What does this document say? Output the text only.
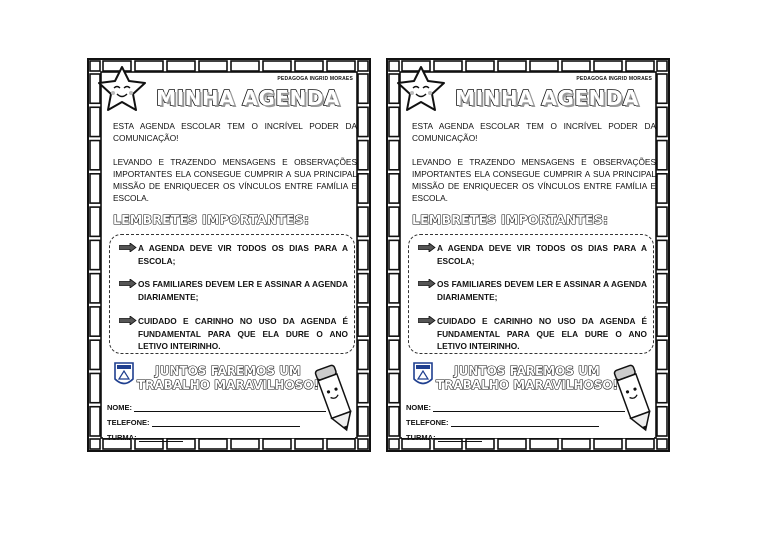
PEDAGOGA INGRID MORAES
MINHA AGENDA
ESTA AGENDA ESCOLAR TEM O INCRÍVEL PODER DA COMUNICAÇÃO!
LEVANDO E TRAZENDO MENSAGENS E OBSERVAÇÕES IMPORTANTES ELA CONSEGUE CUMPRIR A SUA PRINCIPAL MISSÃO DE ENRIQUECER OS VÍNCULOS ENTRE FAMÍLIA E ESCOLA.
LEMBRETES IMPORTANTES:
A AGENDA DEVE VIR TODOS OS DIAS PARA A ESCOLA;
OS FAMILIARES DEVEM LER E ASSINAR A AGENDA DIARIAMENTE;
CUIDADO E CARINHO NO USO DA AGENDA É FUNDAMENTAL PARA QUE ELA DURE O ANO LETIVO INTEIRINHO.
JUNTOS FAREMOS UM
TRABALHO MARAVILHOSO!
NOME:
TELEFONE:
TURMA:
PEDAGOGA INGRID MORAES
MINHA AGENDA
ESTA AGENDA ESCOLAR TEM O INCRÍVEL PODER DA COMUNICAÇÃO!
LEVANDO E TRAZENDO MENSAGENS E OBSERVAÇÕES IMPORTANTES ELA CONSEGUE CUMPRIR A SUA PRINCIPAL MISSÃO DE ENRIQUECER OS VÍNCULOS ENTRE FAMÍLIA E ESCOLA.
LEMBRETES IMPORTANTES:
A AGENDA DEVE VIR TODOS OS DIAS PARA A ESCOLA;
OS FAMILIARES DEVEM LER E ASSINAR A AGENDA DIARIAMENTE;
CUIDADO E CARINHO NO USO DA AGENDA É FUNDAMENTAL PARA QUE ELA DURE O ANO LETIVO INTEIRINHO.
JUNTOS FAREMOS UM
TRABALHO MARAVILHOSO!
NOME:
TELEFONE:
TURMA:
